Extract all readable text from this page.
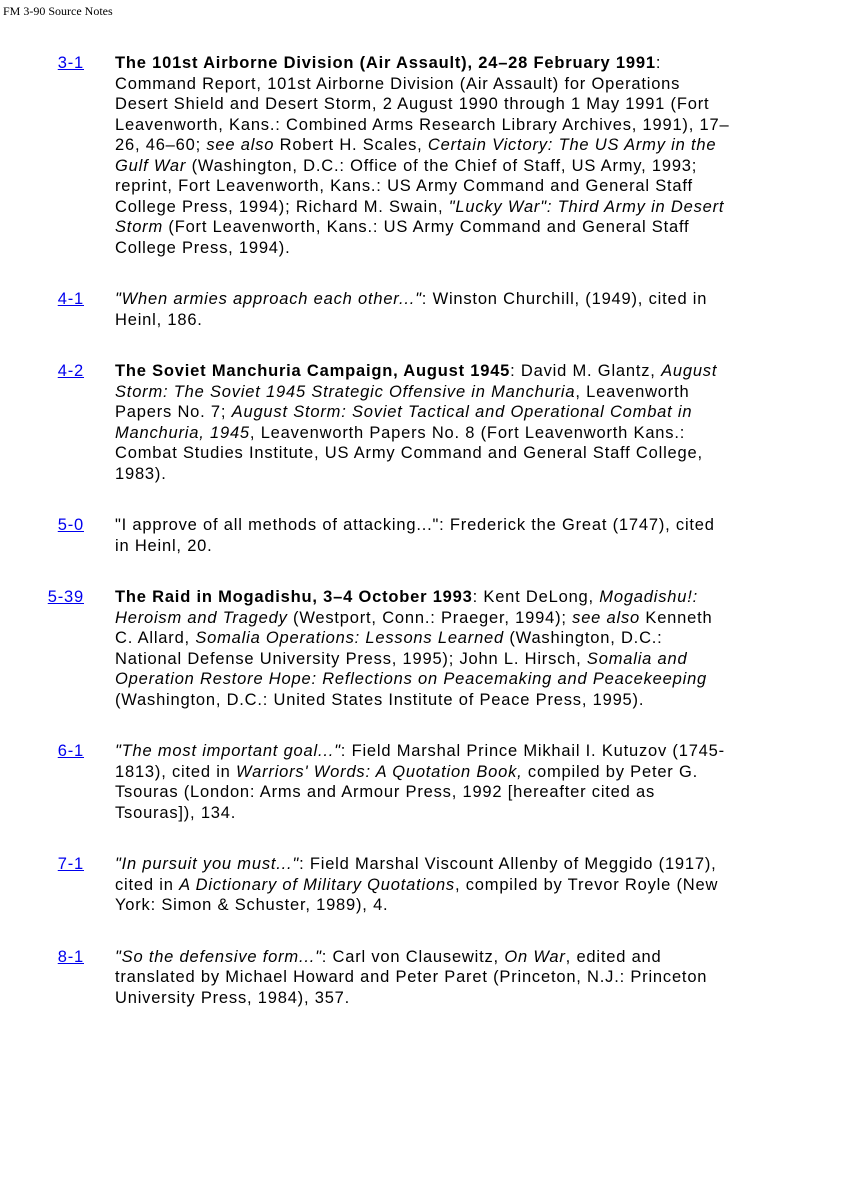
FM 3-90 Source Notes
3-1 The 101st Airborne Division (Air Assault), 24–28 February 1991: Command Report, 101st Airborne Division (Air Assault) for Operations Desert Shield and Desert Storm, 2 August 1990 through 1 May 1991 (Fort Leavenworth, Kans.: Combined Arms Research Library Archives, 1991), 17–26, 46–60; see also Robert H. Scales, Certain Victory: The US Army in the Gulf War (Washington, D.C.: Office of the Chief of Staff, US Army, 1993; reprint, Fort Leavenworth, Kans.: US Army Command and General Staff College Press, 1994); Richard M. Swain, "Lucky War": Third Army in Desert Storm (Fort Leavenworth, Kans.: US Army Command and General Staff College Press, 1994).
4-1 "When armies approach each other...": Winston Churchill, (1949), cited in Heinl, 186.
4-2 The Soviet Manchuria Campaign, August 1945: David M. Glantz, August Storm: The Soviet 1945 Strategic Offensive in Manchuria, Leavenworth Papers No. 7; August Storm: Soviet Tactical and Operational Combat in Manchuria, 1945, Leavenworth Papers No. 8 (Fort Leavenworth Kans.: Combat Studies Institute, US Army Command and General Staff College, 1983).
5-0 "I approve of all methods of attacking...": Frederick the Great (1747), cited in Heinl, 20.
5-39 The Raid in Mogadishu, 3–4 October 1993: Kent DeLong, Mogadishu!: Heroism and Tragedy (Westport, Conn.: Praeger, 1994); see also Kenneth C. Allard, Somalia Operations: Lessons Learned (Washington, D.C.: National Defense University Press, 1995); John L. Hirsch, Somalia and Operation Restore Hope: Reflections on Peacemaking and Peacekeeping (Washington, D.C.: United States Institute of Peace Press, 1995).
6-1 "The most important goal...": Field Marshal Prince Mikhail I. Kutuzov (1745-1813), cited in Warriors' Words: A Quotation Book, compiled by Peter G. Tsouras (London: Arms and Armour Press, 1992 [hereafter cited as Tsouras]), 134.
7-1 "In pursuit you must...": Field Marshal Viscount Allenby of Meggido (1917), cited in A Dictionary of Military Quotations, compiled by Trevor Royle (New York: Simon & Schuster, 1989), 4.
8-1 "So the defensive form...": Carl von Clausewitz, On War, edited and translated by Michael Howard and Peter Paret (Princeton, N.J.: Princeton University Press, 1984), 357.
